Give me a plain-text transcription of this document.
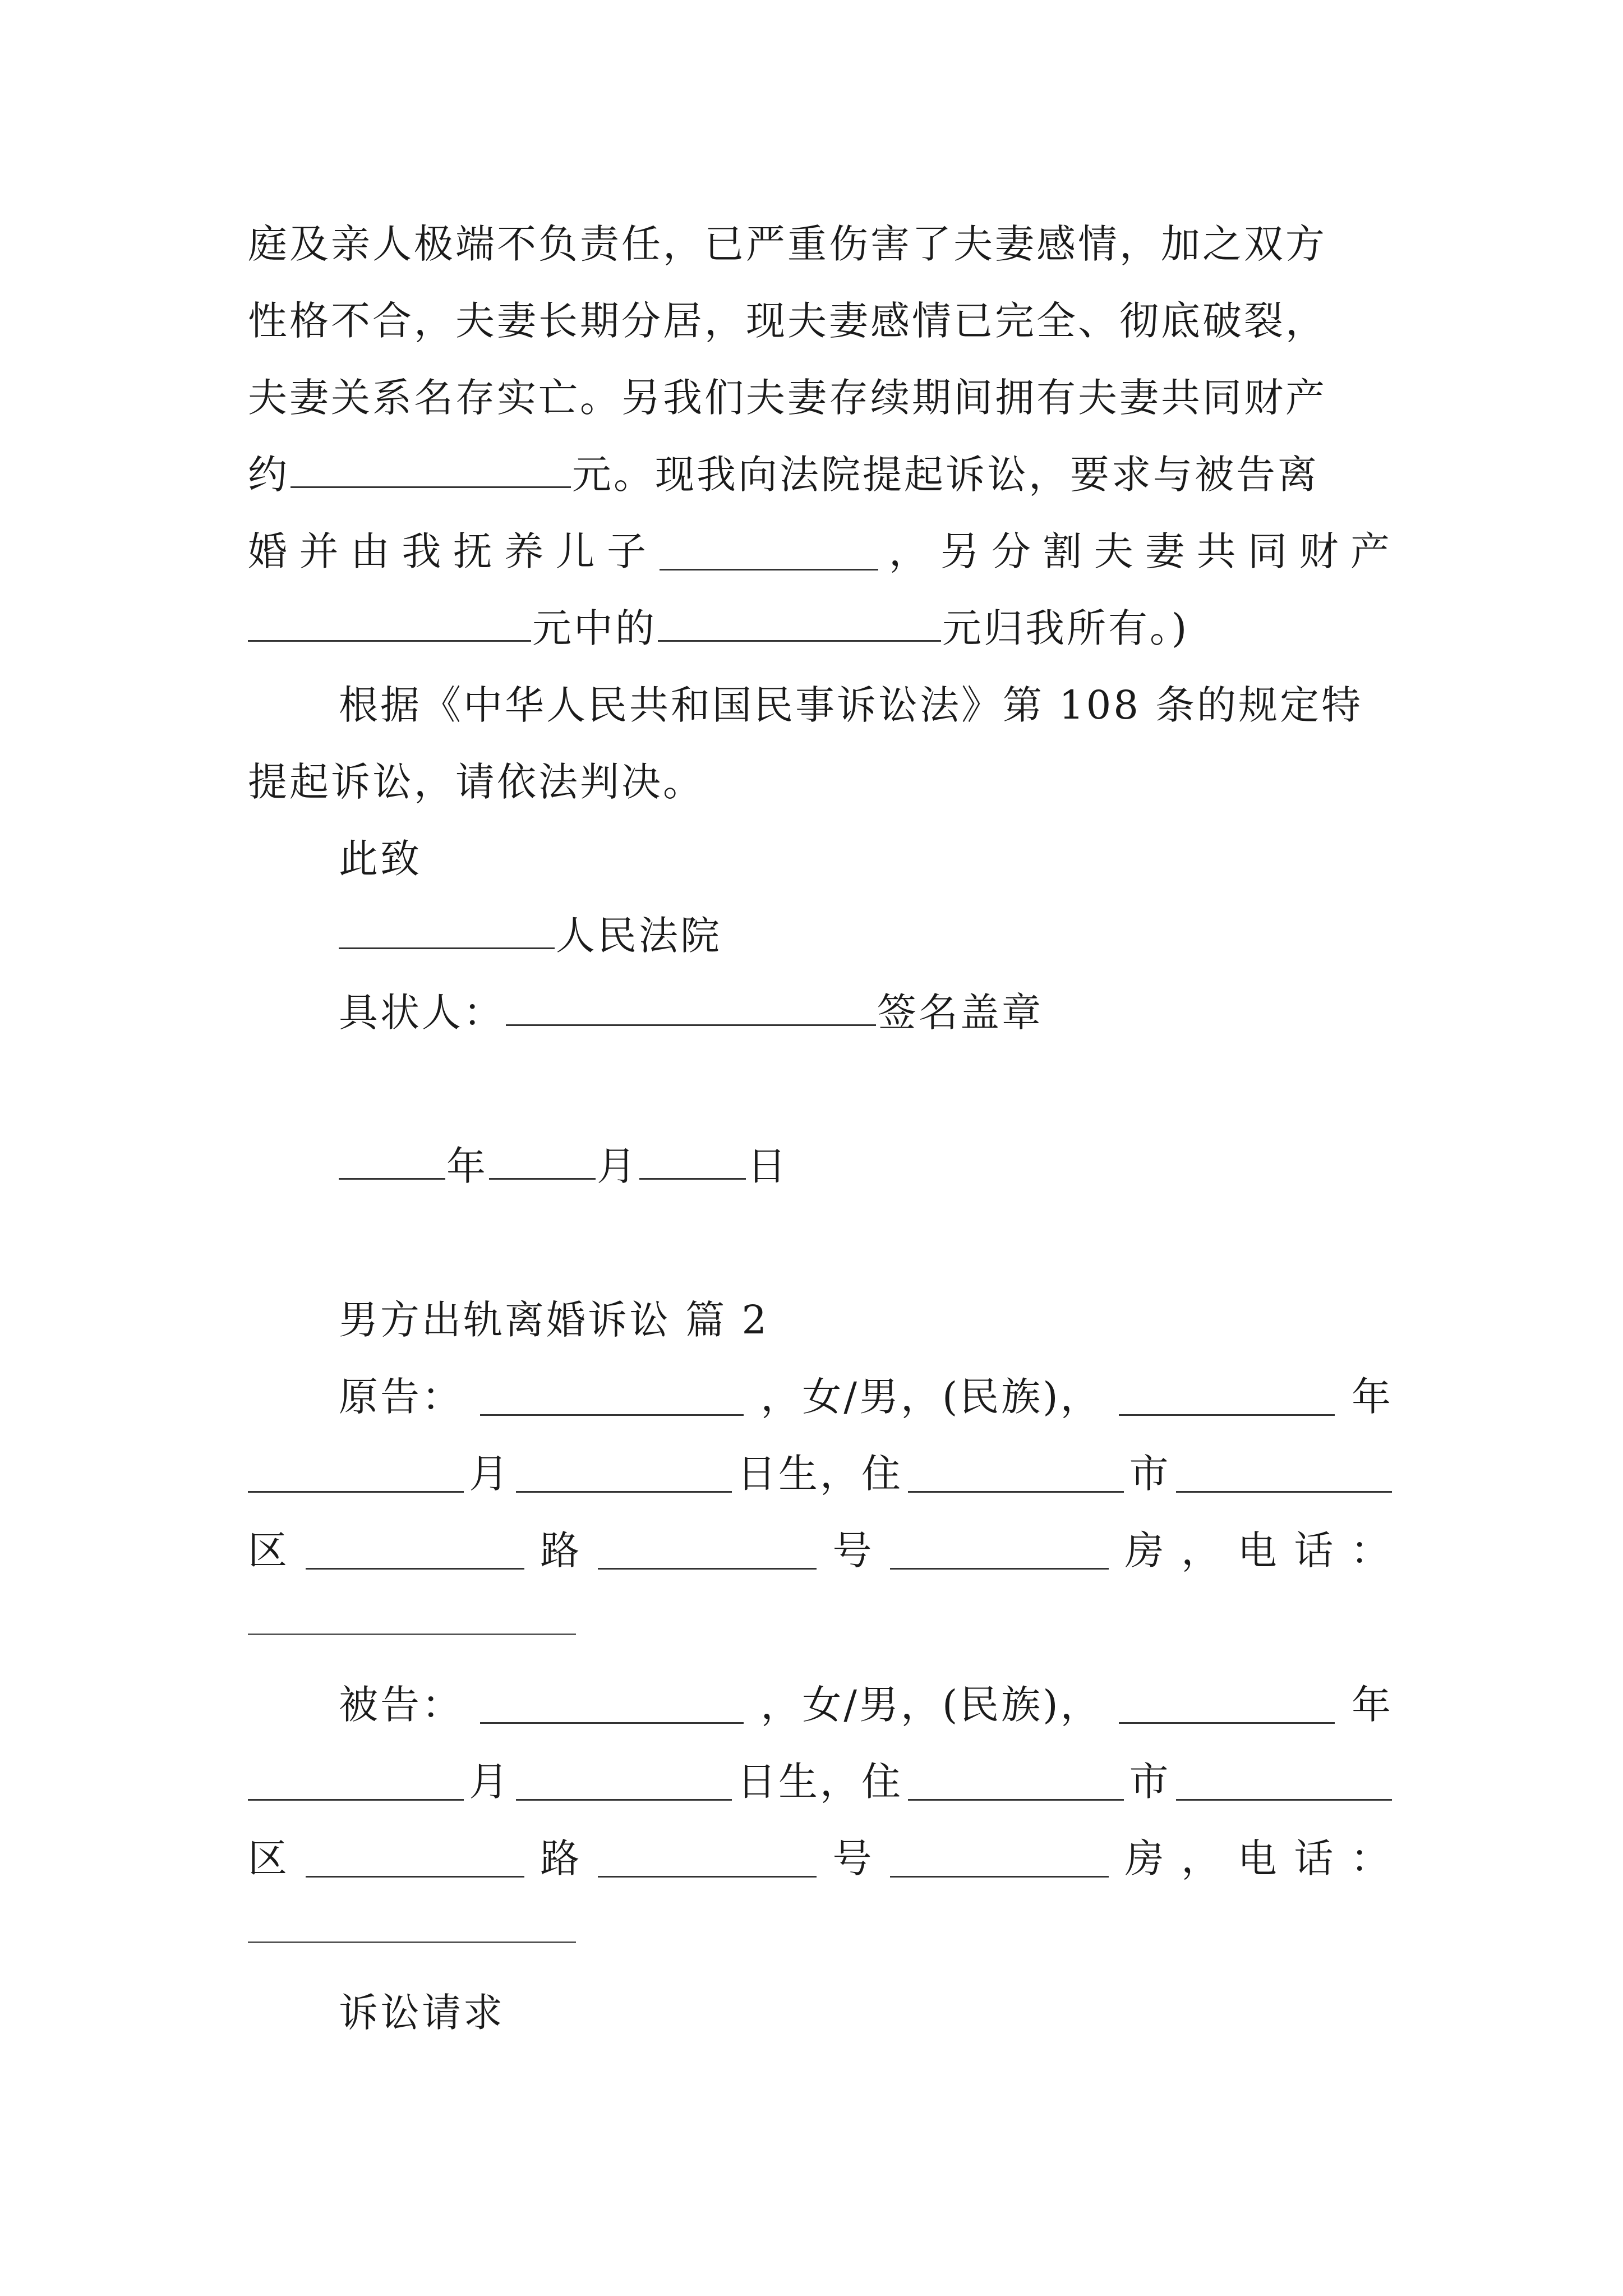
庭及亲人极端不负责任，已严重伤害了夫妻感情，加之双方
性格不合，夫妻长期分居，现夫妻感情已完全、彻底破裂，
夫妻关系名存实亡。另我们夫妻存续期间拥有夫妻共同财产
约	元。现我向法院提起诉讼，要求与被告离
婚 并 由 我 抚 养 儿 子	， 另 分 割 夫 妻 共 同 财 产
元中的	元归我所有。)
根据《中华人民共和国民事诉讼法》第 108 条的规定特
提起诉讼，请依法判决。
此致
人民法院
具状人：	签名盖章
年	月	日
男方出轨离婚诉讼 篇 2
原告：	，女/男，(民族)，	年
月	日生，住	市
区	路	号	房 ， 电 话 ：
被告：	，女/男，(民族)，	年
月	日生，住	市
区	路	号	房 ， 电 话 ：
诉讼请求
